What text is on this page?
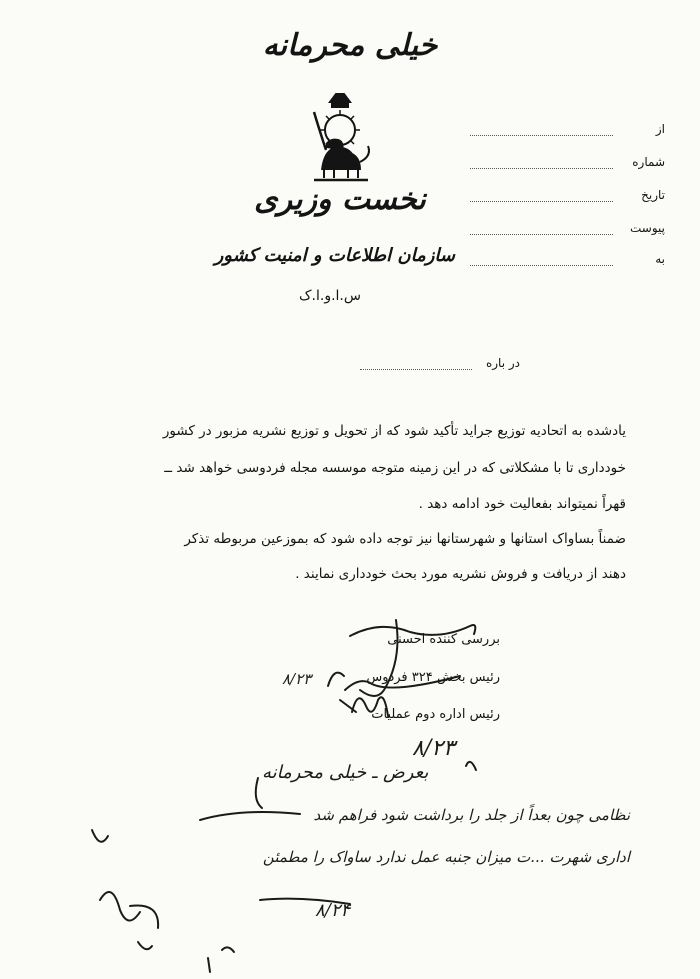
خیلی محرمانه
نخست وزیری
سازمان اطلاعات و امنیت کشور
س.ا.و.ا.ک
از
شماره
تاریخ
پیوست
به
در باره
یادشده به اتحادیه توزیع جراید تأکید شود که از تحویل و توزیع نشریه مزبور در کشور
خودداری تا با مشکلاتی که در این زمینه متوجه موسسه مجله فردوسی خواهد شد ــ
قهراً نمیتواند بفعالیت خود ادامه دهد .
ضمناً بساواک استانها و شهرستانها نیز توجه داده شود که بموزعین مربوطه تذکر
دهند از دریافت و فروش نشریه مورد بحث خودداری نمایند .
بررسی کننده احسنی
رئیس بخش ۳۲۴ فردوس
۸/۲۳
رئیس اداره دوم عملیات
۸/۲۳
بعرض ـ خیلی محرمانه
نظامی چون بعداً از جلد را برداشت شود فراهم شد
اداری شهرت ...ت میزان جنبه عمل ندارد ساواک را مطمئن
۸/۲۴
